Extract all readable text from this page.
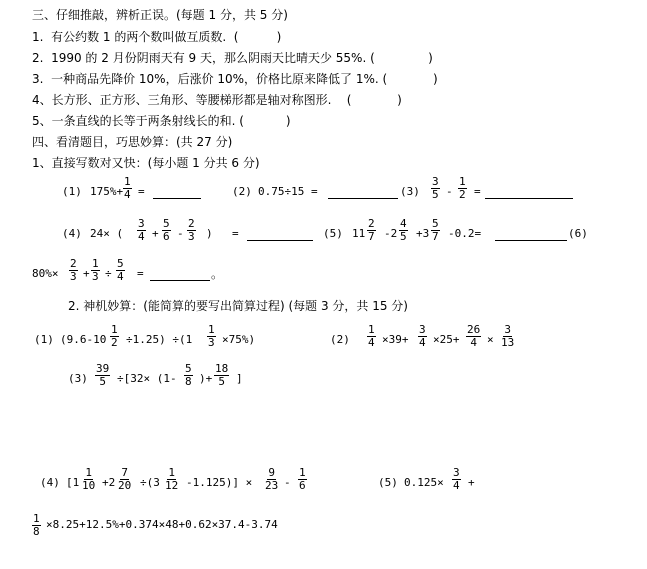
三、仔细推敲，辨析正误。(每题 1 分，共 5 分)
1.  有公约数 1 的两个数叫做互质数.  (          )
2.  1990 的 2 月份阴雨天有 9 天，那么阴雨天比晴天少 55%. (              )
3.  一种商品先降价 10%，后涨价 10%，价格比原来降低了 1%. (            )
4、长方形、正方形、三角形、等腰梯形都是轴对称图形.    (            )
5、一条直线的长等于两条射线长的和. (           )
四、看清题目，巧思妙算：(共 27 分)
1、直接写数对又快：(每小题 1 分共 6 分)
(1) $175\%+ \frac{1}{4}$ =	(2) 0.75÷15 =	$(3) \frac{3}{5} - \frac{1}{2}$ =
(4) 24× ( $\frac{3}{4} + \frac{5}{6} - \frac{2}{3}$ ) =	(5) $11 \frac{2}{7} -2 \frac{4}{5} +3 \frac{5}{7} -0.2=$	(6)
$80\%\times \frac{2}{3} + \frac{1}{3} \div \frac{5}{4}$ =	。
2. 神机妙算：(能简算的要写出简算过程) (每题 3 分，共 15 分)
(1) $(9.6-10 \frac{1}{2} \div 1.25) \div(1 \frac{1}{3} \times 75\%)$	$(2) \frac{1}{4} \times 39+ \frac{3}{4} \times 25+ \frac{26}{4} \times \frac{3}{13}$
$(3) \frac{39}{5} \div[32\times (1- \frac{5}{8}$ )+ $\frac{18}{5}$ ]
(4) $[1 \frac{1}{10} +2 \frac{7}{20} \div(3 \frac{1}{12} -1.125)] \times \frac{9}{23} - \frac{1}{6}$	(5) $0.125\times \frac{3}{4}$ +
$\frac{1}{8} \times 8.25+12.5\%+0.374\times 48+0.62\times 37.4-3.74$
